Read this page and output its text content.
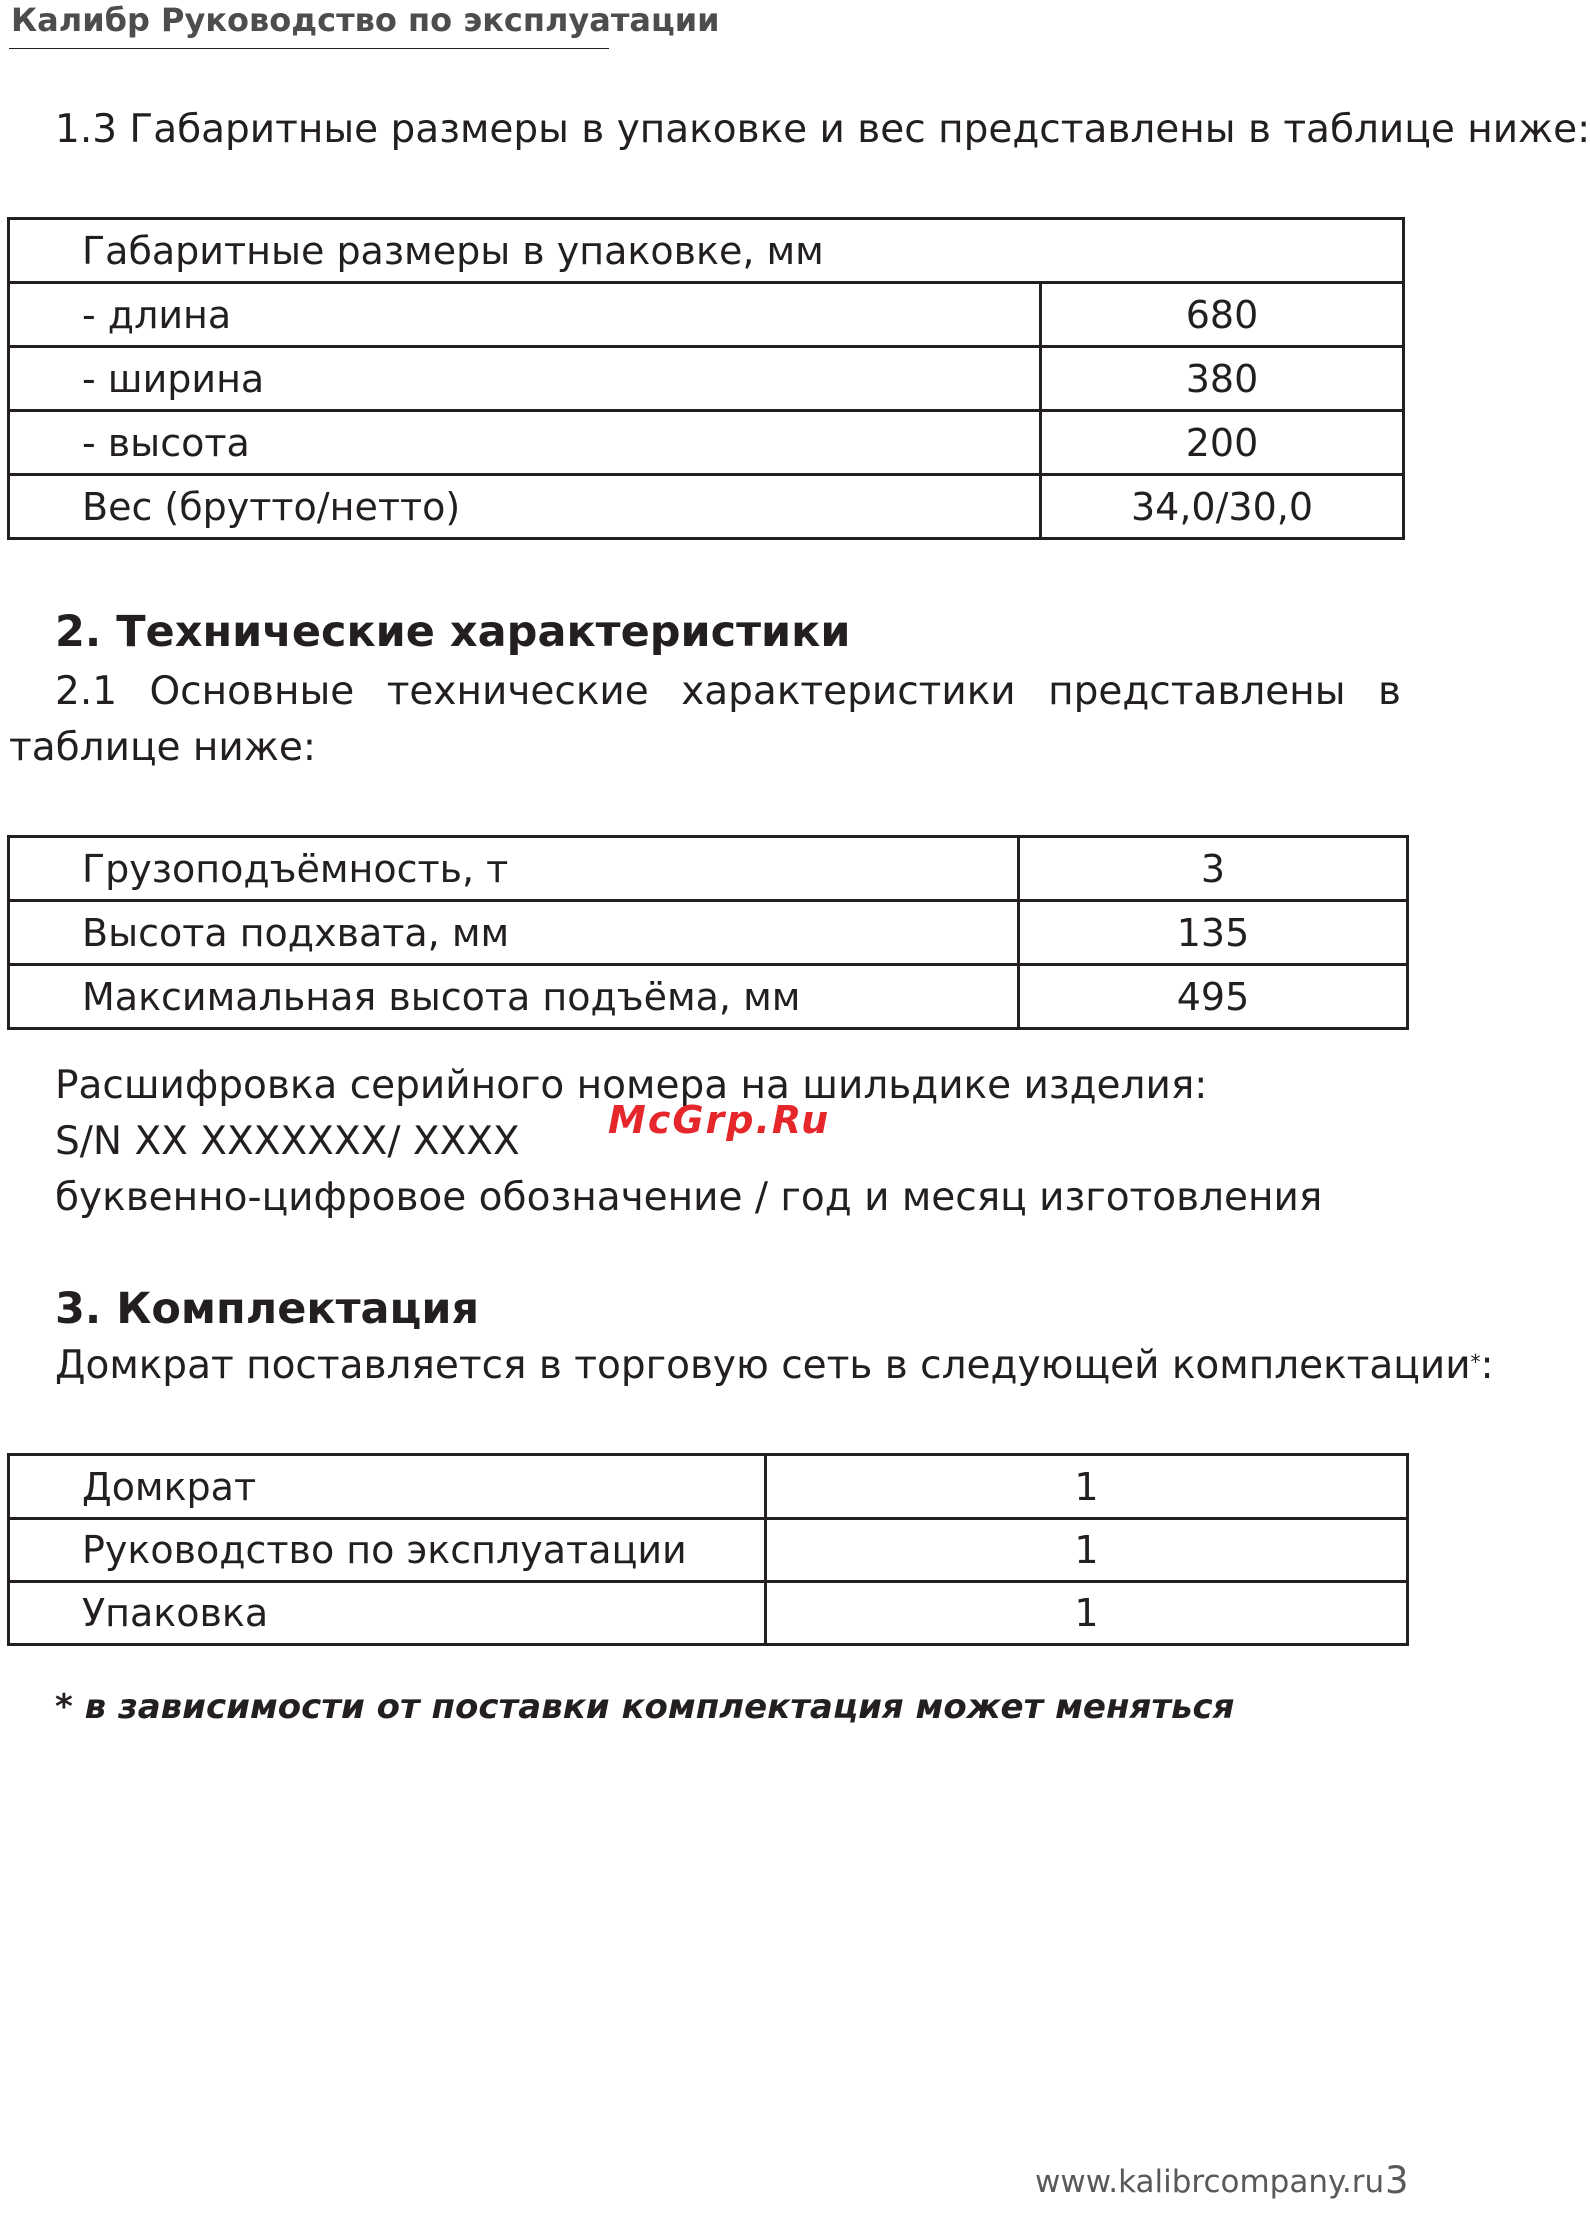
Калибр Руководство по эксплуатации
1.3 Габаритные размеры в упаковке и вес представлены в таблице ниже:
Габаритные размеры в упаковке, мм	
- длина	680
- ширина	380
- высота	200
Вес (брутто/нетто)	34,0/30,0
2. Технические характеристики
2.1 Основные технические характеристики представлены в таблице ниже:
Грузоподъёмность, т	3
Высота подхвата, мм	135
Максимальная высота подъёма, мм	495
Расшифровка серийного номера на шильдике изделия:
S/N XX XXXXXXX/ XXXX
буквенно-цифровое обозначение / год и месяц изготовления
McGrp.Ru
3. Комплектация
Домкрат поставляется в торговую сеть в следующей комплектации*:
Домкрат	1
Руководство по эксплуатации	1
Упаковка	1
* в зависимости от поставки комплектация может меняться
www.kalibrcompany.ru 3
